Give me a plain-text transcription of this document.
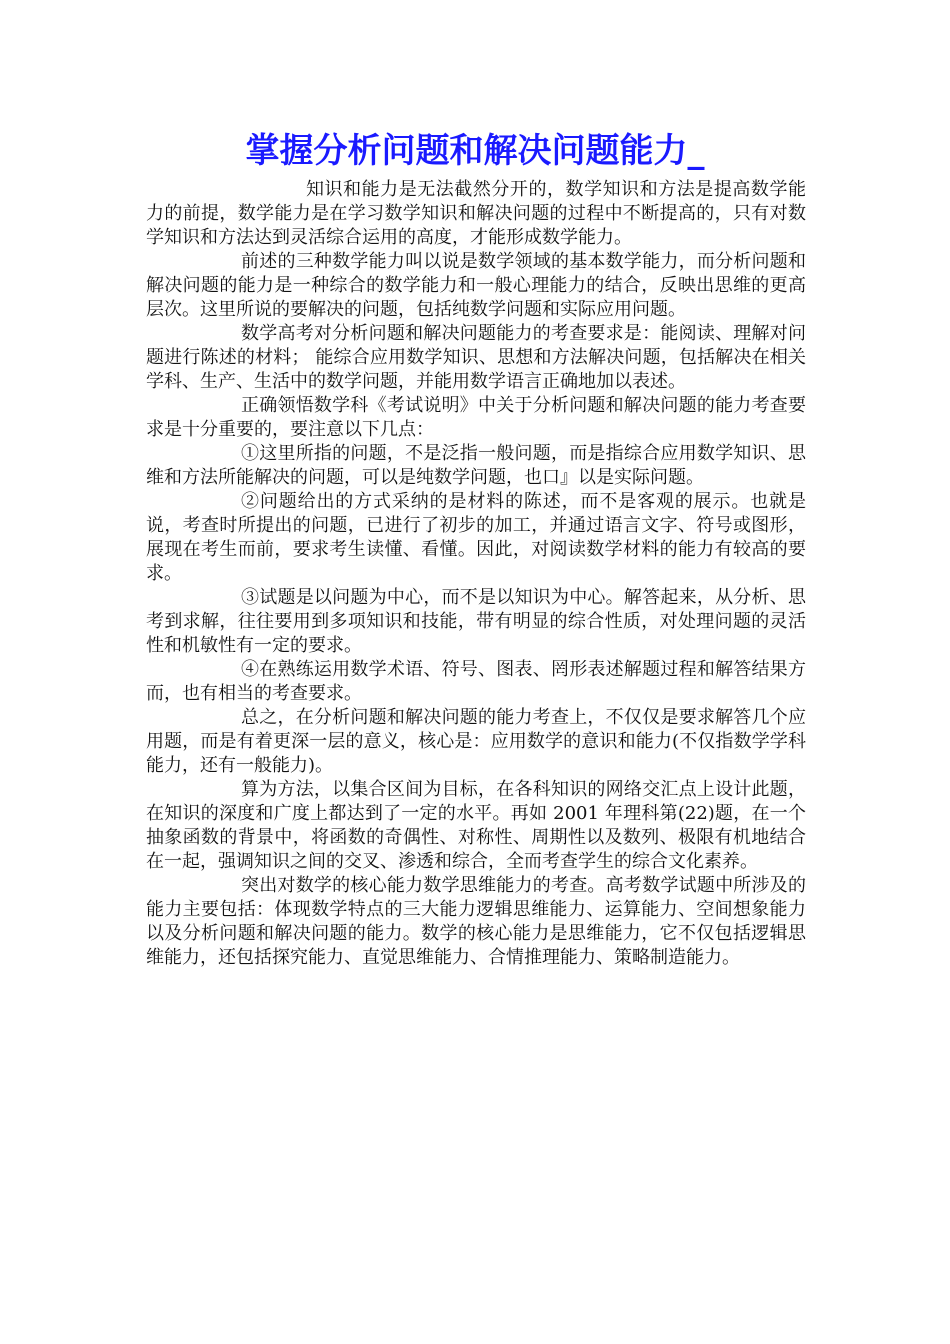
掌握分析问题和解决问题能力_

知识和能力是无法截然分开的，数学知识和方法是提高数学能力的前提，数学能力是在学习数学知识和解决问题的过程中不断提高的，只有对数学知识和方法达到灵活综合运用的高度，才能形成数学能力。

前述的三种数学能力叫以说是数学领域的基本数学能力，而分析问题和解决问题的能力是一种综合的数学能力和一般心理能力的结合，反映出思维的更高层次。这里所说的要解决的问题，包括纯数学问题和实际应用问题。

数学高考对分析问题和解决问题能力的考查要求是：能阅读、理解对问题进行陈述的材料； 能综合应用数学知识、思想和方法解决问题，包括解决在相关学科、生产、生活中的数学问题，并能用数学语言正确地加以表述。

正确领悟数学科《考试说明》中关于分析问题和解决问题的能力考查要求是十分重要的，要注意以下几点：

①这里所指的问题，不是泛指一般问题，而是指综合应用数学知识、思维和方法所能解决的问题，可以是纯数学问题，也口』以是实际问题。

②问题给出的方式采纳的是材料的陈述，而不是客观的展示。也就是说，考查时所提出的问题，已进行了初步的加工，并通过语言文字、符号或图形，展现在考生而前，要求考生读懂、看懂。因此，对阅读数学材料的能力有较高的要求。

③试题是以问题为中心，而不是以知识为中心。解答起来，从分析、思考到求解，往往要用到多项知识和技能，带有明显的综合性质，对处理问题的灵活性和机敏性有一定的要求。

④在熟练运用数学术语、符号、图表、罔形表述解题过程和解答结果方而，也有相当的考查要求。

总之，在分析问题和解决问题的能力考查上，不仅仅是要求解答几个应用题，而是有着更深一层的意义，核心是：应用数学的意识和能力(不仅指数学学科能力，还有一般能力)。

算为方法，以集合区间为目标，在各科知识的网络交汇点上设计此题，在知识的深度和广度上都达到了一定的水平。再如 2001 年理科第(22)题，在一个抽象函数的背景中，将函数的奇偶性、对称性、周期性以及数列、极限有机地结合在一起，强调知识之间的交叉、渗透和综合，全而考查学生的综合文化素养。

突出对数学的核心能力数学思维能力的考查。高考数学试题中所涉及的能力主要包括：体现数学特点的三大能力逻辑思维能力、运算能力、空间想象能力以及分析问题和解决问题的能力。数学的核心能力是思维能力，它不仅包括逻辑思维能力，还包括探究能力、直觉思维能力、合情推理能力、策略制造能力。
